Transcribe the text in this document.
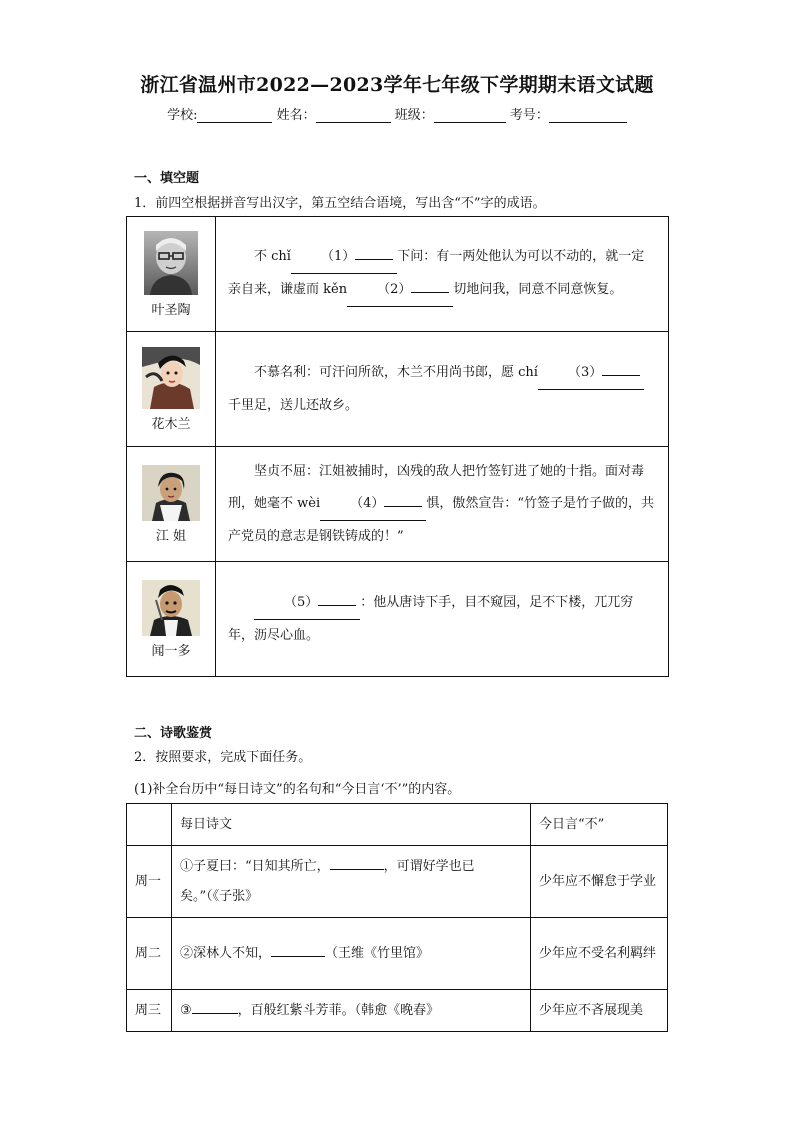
浙江省温州市2022—2023学年七年级下学期期末语文试题
学校:	姓名：	班级：	考号：
一、填空题
1．前四空根据拼音写出汉字，第五空结合语境，写出含“不”字的成语。
叶圣陶	不 chǐ （1） 下问：有一两处他认为可以不动的，就一定亲自来，谦虚而 kěn （2） 切地问我，同意不同意恢复。

花木兰	不慕名利：可汗问所欲，木兰不用尚书郎，愿 chí （3）千里足，送儿还故乡。

江 姐	坚贞不屈：江姐被捕时，凶残的敌人把竹签钉进了她的十指。面对毒刑，她毫不 wèi （4） 惧，傲然宣告：“竹签子是竹子做的，共产党员的意志是钢铁铸成的！”

闻一多	（5） ：他从唐诗下手，目不窥园，足不下楼，兀兀穷年，沥尽心血。
二、诗歌鉴赏
2．按照要求，完成下面任务。
(1)补全台历中“每日诗文”的名句和“今日言‘不’”的内容。
	每日诗文	今日言“不”
周一	①子夏曰：“日知其所亡， ，可谓好学也已矣。”（《子张》	少年应不懈怠于学业
周二	②深林人不知， （王维《竹里馆》	少年应不受名利羁绊
周三	③ ，百般红紫斗芳菲。（韩愈《晚春》	少年应不吝展现美
